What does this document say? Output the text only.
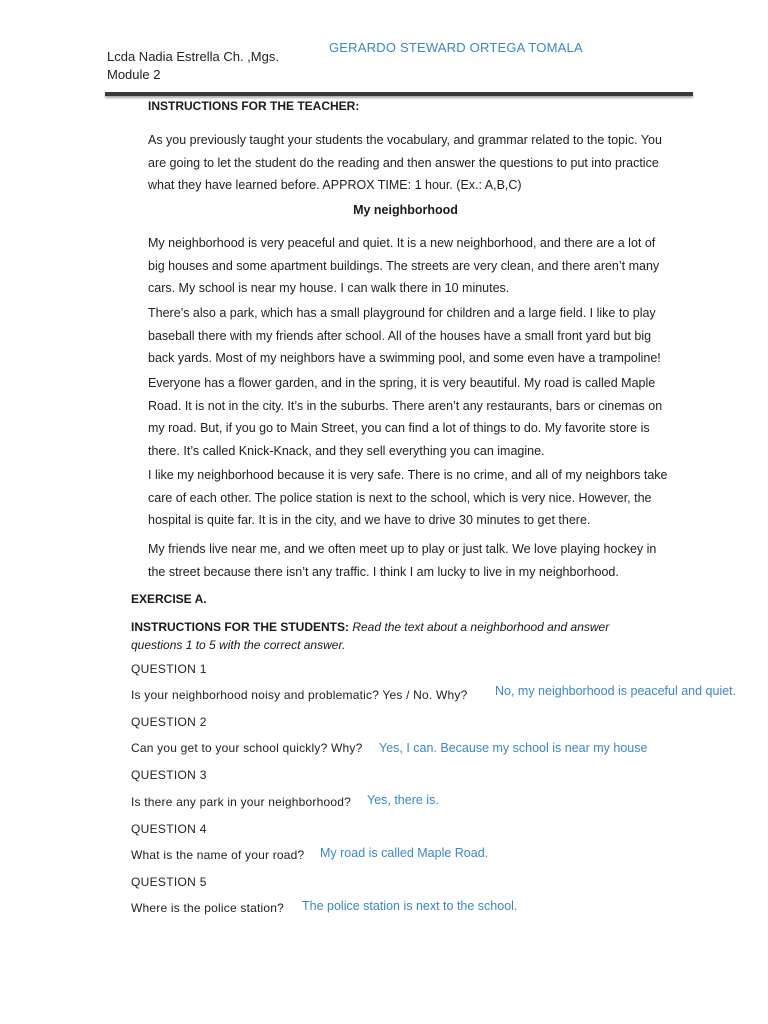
Lcda Nadia Estrella Ch. ,Mgs.
Module 2
GERARDO STEWARD ORTEGA TOMALA
INSTRUCTIONS FOR THE TEACHER:

As you previously taught your students the vocabulary, and grammar related to the topic. You are going to let the student do the reading and then answer the questions to put into practice what they have learned before. APPROX TIME: 1 hour. (Ex.: A,B,C)

My neighborhood

My neighborhood is very peaceful and quiet. It is a new neighborhood, and there are a lot of big houses and some apartment buildings. The streets are very clean, and there aren’t many cars. My school is near my house. I can walk there in 10 minutes.

There’s also a park, which has a small playground for children and a large field. I like to play baseball there with my friends after school. All of the houses have a small front yard but big back yards. Most of my neighbors have a swimming pool, and some even have a trampoline!

Everyone has a flower garden, and in the spring, it is very beautiful. My road is called Maple Road. It is not in the city. It’s in the suburbs. There aren’t any restaurants, bars or cinemas on my road. But, if you go to Main Street, you can find a lot of things to do. My favorite store is there. It’s called Knick-Knack, and they sell everything you can imagine.

I like my neighborhood because it is very safe. There is no crime, and all of my neighbors take care of each other. The police station is next to the school, which is very nice. However, the hospital is quite far. It is in the city, and we have to drive 30 minutes to get there.

My friends live near me, and we often meet up to play or just talk. We love playing hockey in the street because there isn’t any traffic. I think I am lucky to live in my neighborhood.

EXERCISE A.
INSTRUCTIONS FOR THE STUDENTS: Read the text about a neighborhood and answer questions 1 to 5 with the correct answer.
QUESTION 1
Is your neighborhood noisy and problematic? Yes / No. Why? No, my neighborhood is peaceful and quiet.
QUESTION 2
Can you get to your school quickly? Why? Yes, I can. Because my school is near my house
QUESTION 3
Is there any park in your neighborhood? Yes, there is.
QUESTION 4
What is the name of your road? My road is called Maple Road.
QUESTION 5
Where is the police station? The police station is next to the school.
